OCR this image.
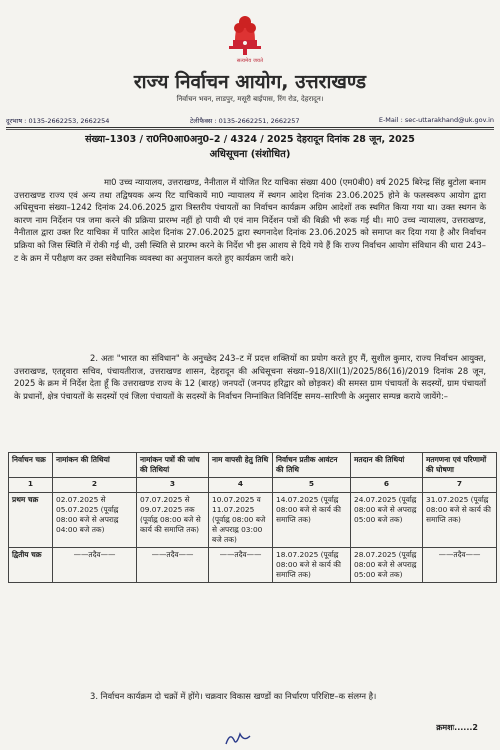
सत्यमेव जयते
राज्य निर्वाचन आयोग, उत्तराखण्ड
निर्वाचन भवन, लाडपुर, मसूरी बाईपास, रिंग रोड, देहरादून।
दूरभाष : 0135-2662253, 2662254	टेलीफैक्स : 0135-2662251, 2662257	E-Mail : sec-uttarakhand@uk.gov.in
संख्या–1303 / रा0नि0आ0अनु0–2 / 4324 / 2025 देहरादून दिनांक 28 जून, 2025
अधिसूचना (संशोधित)
मा0 उच्च न्यायालय, उत्तराखण्ड, नैनीताल में योजित रिट याचिका संख्या 400 (एम0बी0) वर्ष 2025 बिरेन्द्र सिंह बुटोला बनाम उत्तराखण्ड राज्य एवं अन्य तथा तद्विषयक अन्य रिट याचिकायें मा0 न्यायालय में स्थगन आदेश दिनांक 23.06.2025 होने के फलस्वरूप आयोग द्वारा अधिसूचना संख्या–1242 दिनांक 24.06.2025 द्वारा त्रिस्तरीय पंचायतों का निर्वाचन कार्यक्रम अग्रिम आदेशों तक स्थगित किया गया था। उक्त स्थगन के कारण नाम निर्देशन पत्र जमा करने की प्रक्रिया प्रारम्भ नहीं हो पायी थी एवं नाम निर्देशन पत्रों की बिक्री भी रूक गई थी। मा0 उच्च न्यायालय, उत्तराखण्ड, नैनीताल द्वारा उक्त रिट याचिका में पारित आदेश दिनांक 27.06.2025 द्वारा स्थगनादेश दिनांक 23.06.2025 को समाप्त कर दिया गया है और निर्वाचन प्रक्रिया को जिस स्थिति में रोकी गई थी, उसी स्थिति से प्रारम्भ करने के निर्देश भी इस आशय से दिये गये हैं कि राज्य निर्वाचन आयोग संविधान की धारा 243–ट के क्रम में परीक्षण कर उक्त संवैधानिक व्यवस्था का अनुपालन करते हुए कार्यक्रम जारी करे।
2. अतः "भारत का संविधान" के अनुच्छेद 243–ट में प्रदत्त शक्तियों का प्रयोग करते हुए मैं, सुशील कुमार, राज्य निर्वाचन आयुक्त, उत्तराखण्ड, एतद्द्वारा सचिव, पंचायतीराज, उत्तराखण्ड शासन, देहरादून की अधिसूचना संख्या–918/XII(1)/2025/86(16)/2019 दिनांक 28 जून, 2025 के क्रम में निर्देश देता हूँ कि उत्तराखण्ड राज्य के 12 (बारह) जनपदों (जनपद हरिद्वार को छोड़कर) की समस्त ग्राम पंचायतों के सदस्यों, ग्राम पंचायतों के प्रधानों, क्षेत्र पंचायतों के सदस्यों एवं जिला पंचायतों के सदस्यों के निर्वाचन निम्नांकित विनिर्दिष्ट समय–सारिणी के अनुसार सम्पन्न कराये जायेंगे:–
निर्वाचन चक्र	नामांकन की तिथियां	नामांकन पत्रों की जांच की तिथियां	नाम वापसी हेतु तिथि	निर्वाचन प्रतीक आवंटन की तिथि	मतदान की तिथियां	मतगणना एवं परिणामों की घोषणा
1	2	3	4	5	6	7
प्रथम चक्र	02.07.2025 से 05.07.2025 (पूर्वाह्न 08:00 बजे से अपराह्न 04:00 बजे तक)	07.07.2025 से 09.07.2025 तक (पूर्वाह्न 08:00 बजे से कार्य की समाप्ति तक)	10.07.2025 व 11.07.2025 (पूर्वाह्न 08:00 बजे से अपराह्न 03:00 बजे तक)	14.07.2025 (पूर्वाह्न 08:00 बजे से कार्य की समाप्ति तक)	24.07.2025 (पूर्वाह्न 08:00 बजे से अपराह्न 05:00 बजे तक)	31.07.2025 (पूर्वाह्न 08:00 बजे से कार्य की समाप्ति तक)
द्वितीय चक्र	——तदैव——	——तदैव——	——तदैव——	18.07.2025 (पूर्वाह्न 08:00 बजे से कार्य की समाप्ति तक)	28.07.2025 (पूर्वाह्न 08:00 बजे से अपराह्न 05:00 बजे तक)	——तदैव——
3. निर्वाचन कार्यक्रम दो चक्रों में होंगे। चक्रवार विकास खण्डों का निर्धारण परिशिष्ट–क संलग्न है।
क्रमशः......2
